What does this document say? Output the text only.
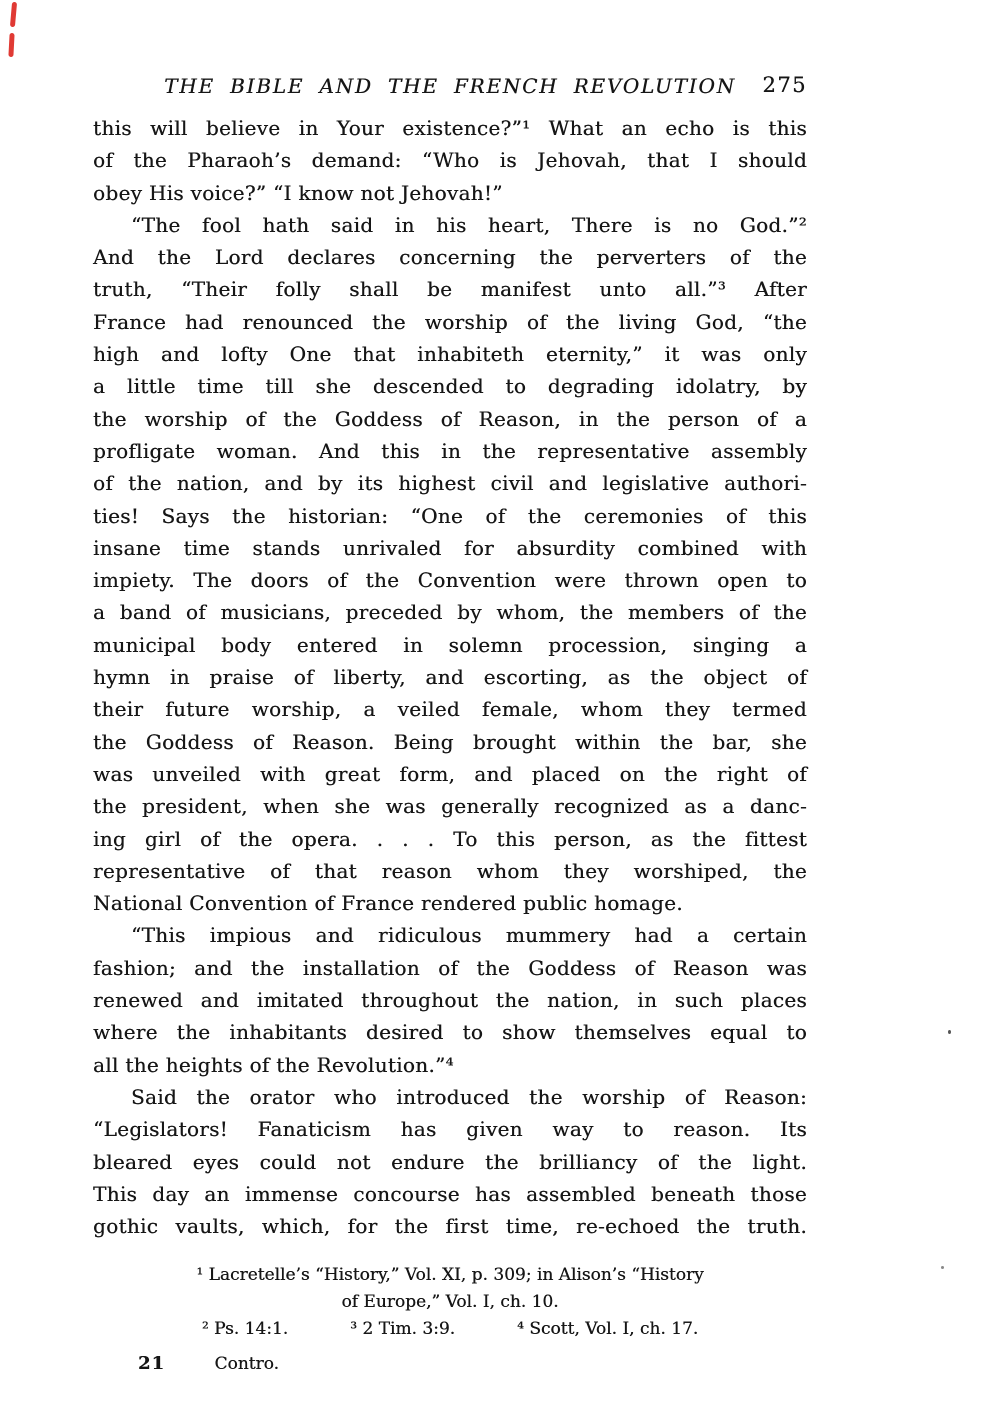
THE BIBLE AND THE FRENCH REVOLUTION 275
this will believe in Your existence?”¹ What an echo is this
of the Pharaoh’s demand: “Who is Jehovah, that I should
obey His voice?” “I know not Jehovah!”
“The fool hath said in his heart, There is no God.”²
And the Lord declares concerning the perverters of the
truth, “Their folly shall be manifest unto all.”³ After
France had renounced the worship of the living God, “the
high and lofty One that inhabiteth eternity,” it was only
a little time till she descended to degrading idolatry, by
the worship of the Goddess of Reason, in the person of a
profligate woman. And this in the representative assembly
of the nation, and by its highest civil and legislative authori-
ties! Says the historian: “One of the ceremonies of this
insane time stands unrivaled for absurdity combined with
impiety. The doors of the Convention were thrown open to
a band of musicians, preceded by whom, the members of the
municipal body entered in solemn procession, singing a
hymn in praise of liberty, and escorting, as the object of
their future worship, a veiled female, whom they termed
the Goddess of Reason. Being brought within the bar, she
was unveiled with great form, and placed on the right of
the president, when she was generally recognized as a danc-
ing girl of the opera. . . . To this person, as the fittest
representative of that reason whom they worshiped, the
National Convention of France rendered public homage.
“This impious and ridiculous mummery had a certain
fashion; and the installation of the Goddess of Reason was
renewed and imitated throughout the nation, in such places
where the inhabitants desired to show themselves equal to
all the heights of the Revolution.”⁴
Said the orator who introduced the worship of Reason:
“Legislators! Fanaticism has given way to reason. Its
bleared eyes could not endure the brilliancy of the light.
This day an immense concourse has assembled beneath those
gothic vaults, which, for the first time, re-echoed the truth.
¹ Lacretelle’s “History,” Vol. XI, p. 309; in Alison’s “History
of Europe,” Vol. I, ch. 10.
² Ps. 14:1.	³ 2 Tim. 3:9.	⁴ Scott, Vol. I, ch. 17.
21	Contro.
